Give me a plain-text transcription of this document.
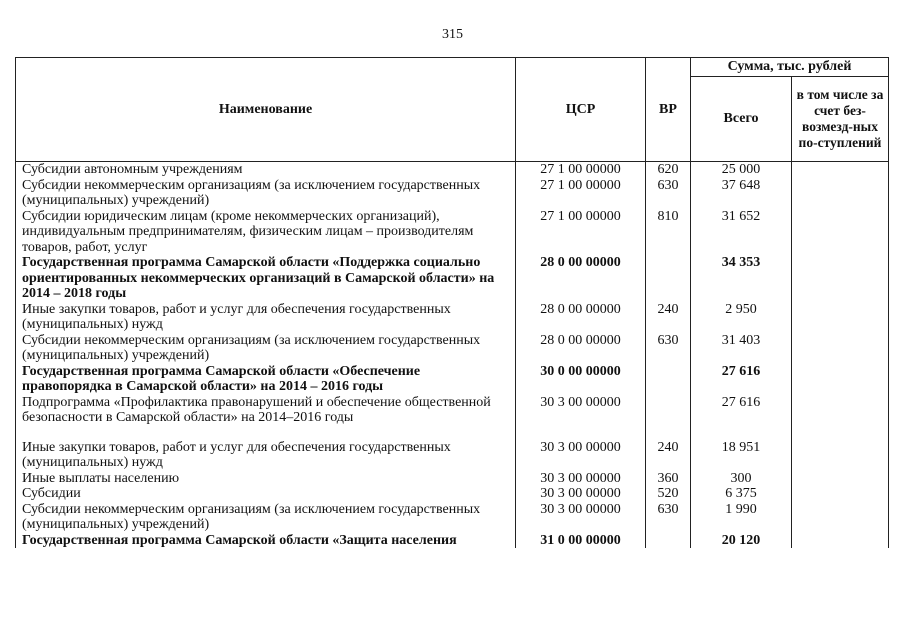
315
Наименование	ЦСР	ВР	Сумма, тыс. рублей	
			Всего	в том числе за счет без-возмезд-ных по-ступлений
Субсидии автономным учреждениям	27 1 00 00000	620	25 000	
Субсидии некоммерческим организациям (за исключением государственных (муниципальных) учреждений)	27 1 00 00000	630	37 648	
Субсидии юридическим лицам (кроме некоммерческих организаций), индивидуальным предпринимателям, физическим лицам – производителям товаров, работ, услуг	27 1 00 00000	810	31 652	
Государственная программа Самарской области «Поддержка социально ориентированных некоммерческих организаций в Самарской области» на 2014 – 2018 годы	28 0 00 00000		34 353	
Иные закупки товаров, работ и услуг для обеспечения государственных (муниципальных) нужд	28 0 00 00000	240	2 950	
Субсидии некоммерческим организациям (за исключением государственных (муниципальных) учреждений)	28 0 00 00000	630	31 403	
Государственная программа Самарской области «Обеспечение правопорядка в Самарской области» на 2014 – 2016 годы	30 0 00 00000		27 616	
Подпрограмма «Профилактика правонарушений и обеспечение общественной безопасности в Самарской области» на 2014–2016 годы	30 3 00 00000		27 616	

Иные закупки товаров, работ и услуг для обеспечения государственных (муниципальных) нужд	30 3 00 00000	240	18 951	
Иные выплаты населению	30 3 00 00000	360	300	
Субсидии	30 3 00 00000	520	6 375	
Субсидии некоммерческим организациям (за исключением государственных (муниципальных) учреждений)	30 3 00 00000	630	1 990	
Государственная программа Самарской области «Защита населения	31 0 00 00000		20 120	
